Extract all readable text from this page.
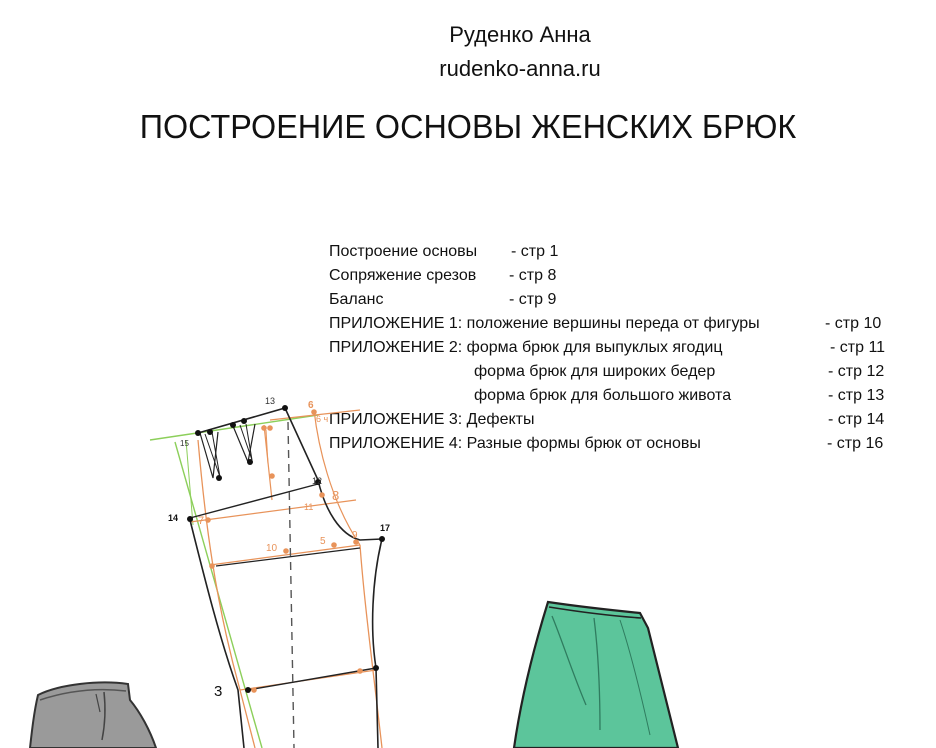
Руденко Анна
rudenko-anna.ru
ПОСТРОЕНИЕ ОСНОВЫ ЖЕНСКИХ БРЮК
Построение основы - стр 1
Сопряжение срезов - стр 8
Баланс	- стр 9
ПРИЛОЖЕНИЕ 1: положение вершины переда от фигуры	- стр 10
ПРИЛОЖЕНИЕ 2: форма брюк для выпуклых ягодиц	- стр 11
форма брюк для широких бедер	- стр 12
форма брюк для большого живота	- стр 13
ПРИЛОЖЕНИЕ 3: Дефекты	- стр 14
ПРИЛОЖЕНИЕ 4: Разные формы брюк от основы	- стр 16
13	6
6 ч
15
12
8
11
14 7
17
10
5
9
3
